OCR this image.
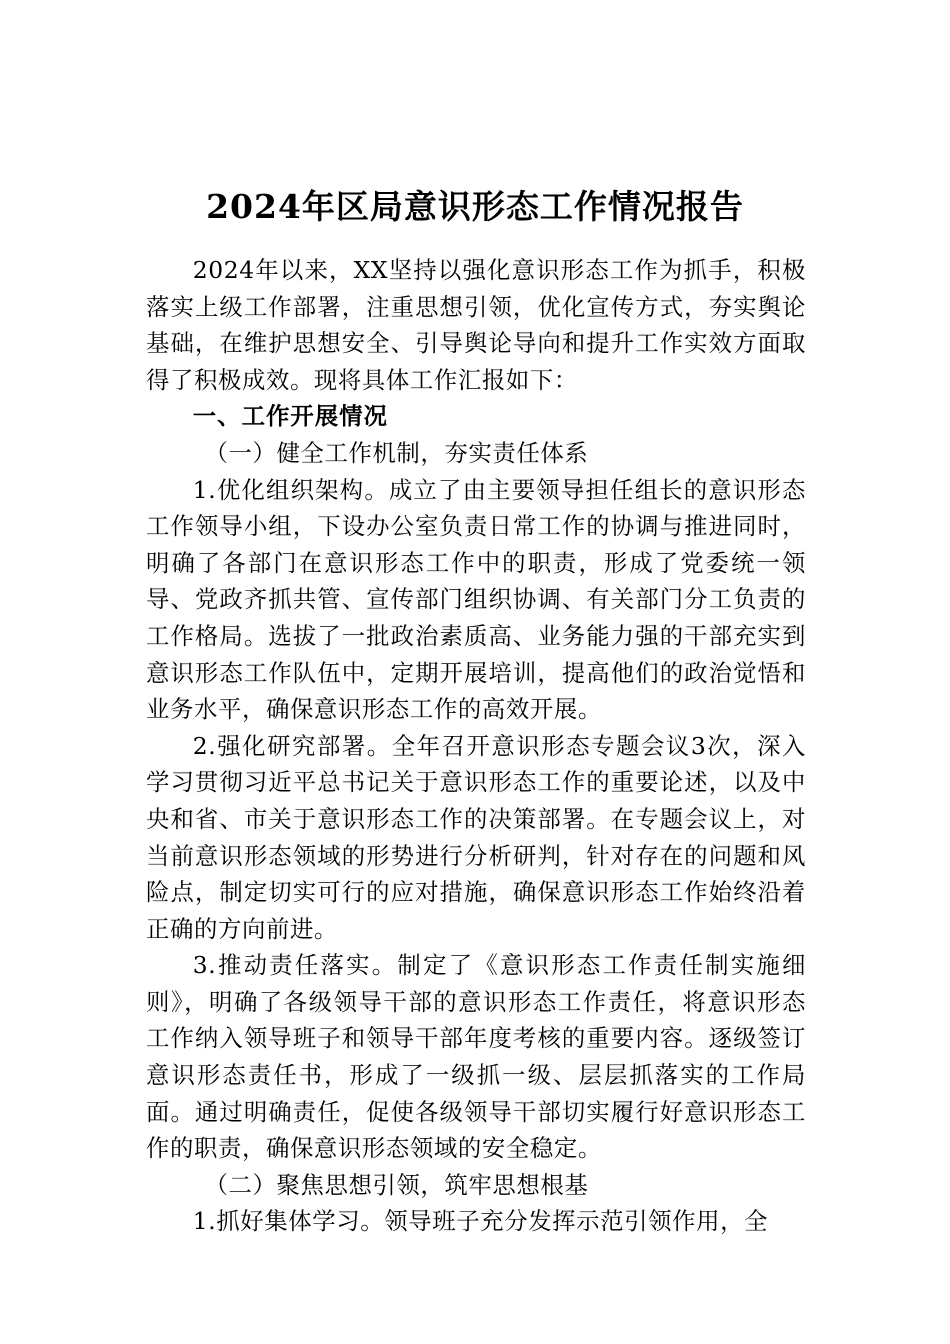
2024年区局意识形态工作情况报告

2024年以来，XX坚持以强化意识形态工作为抓手，积极落实上级工作部署，注重思想引领，优化宣传方式，夯实舆论基础，在维护思想安全、引导舆论导向和提升工作实效方面取得了积极成效。现将具体工作汇报如下：

一、工作开展情况
（一）健全工作机制，夯实责任体系

1.优化组织架构。成立了由主要领导担任组长的意识形态工作领导小组，下设办公室负责日常工作的协调与推进同时，明确了各部门在意识形态工作中的职责，形成了党委统一领导、党政齐抓共管、宣传部门组织协调、有关部门分工负责的工作格局。选拔了一批政治素质高、业务能力强的干部充实到意识形态工作队伍中，定期开展培训，提高他们的政治觉悟和业务水平，确保意识形态工作的高效开展。

2.强化研究部署。全年召开意识形态专题会议3次，深入学习贯彻习近平总书记关于意识形态工作的重要论述，以及中央和省、市关于意识形态工作的决策部署。在专题会议上，对当前意识形态领域的形势进行分析研判，针对存在的问题和风险点，制定切实可行的应对措施，确保意识形态工作始终沿着正确的方向前进。

3.推动责任落实。制定了《意识形态工作责任制实施细则》，明确了各级领导干部的意识形态工作责任，将意识形态工作纳入领导班子和领导干部年度考核的重要内容。逐级签订意识形态责任书，形成了一级抓一级、层层抓落实的工作局面。通过明确责任，促使各级领导干部切实履行好意识形态工作的职责，确保意识形态领域的安全稳定。

（二）聚焦思想引领，筑牢思想根基

1.抓好集体学习。领导班子充分发挥示范引领作用，全
